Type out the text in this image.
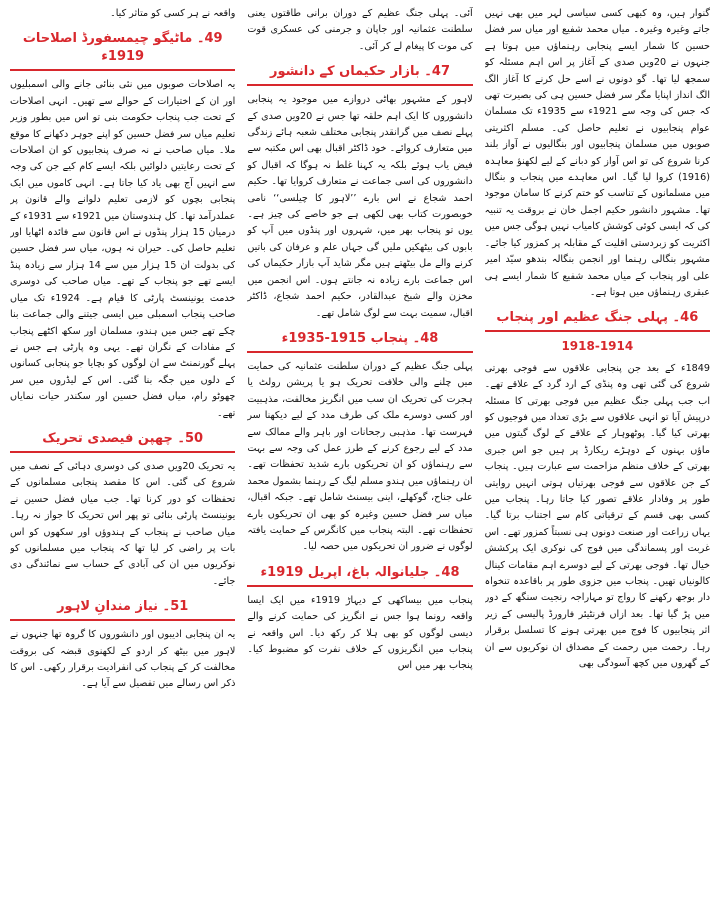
گنوار ہیں، وہ کبھی کسی سیاسی لہر میں بھی نہیں جاتے وغیرہ وغیرہ۔ میاں محمد شفیع اور میاں سر فضل حسین کا شمار ایسے پنجابی رہنماؤں میں ہوتا ہے جنہوں نے 20ویں صدی کے آغاز پر اس اہم مسئلہ کو سمجھ لیا تھا۔ گو دونوں نے اسے حل کرنے کا آغاز الگ الگ انداز اپنایا مگر سر فضل حسین ہی کی بصیرت تھی کہ جس کی وجہ سے 1921ء سے 1935ء تک مسلمان عوام پنجابیوں نے تعلیم حاصل کی۔ مسلم اکثریتی صوبوں میں مسلمان پنجابیوں اور بنگالیوں نے آواز بلند کرنا شروع کی تو اس آواز کو دبانے کے لیے لکھنؤ معاہدہ (1916) کروا لیا گیا۔ اس معاہدے میں پنجاب و بنگال میں مسلمانوں کے تناسب کو ختم کرنے کا سامان موجود تھا۔ مشہور دانشور حکیم اجمل خان نے بروقت یہ تنبیہ کی کہ ایسی کوئی کوشش کامیاب نہیں ہوگی جس میں اکثریت کو زبردستی اقلیت کے مقابلہ پر کمزور کیا جائے۔ مشہور بنگالی رہنما اور انجمن بنگالہ بندھو سیّد امیر علی اور پنجاب کے میاں محمد شفیع کا شمار ایسے ہی عبقری رہنماؤں میں ہوتا ہے۔

46۔ پہلی جنگ عظیم اور پنجاب
1918-1914

1849ء کے بعد جن پنجابی علاقوں سے فوجی بھرتی شروع کی گئی تھی وہ پنڈی کے ارد گرد کے علاقے تھے۔ اب جب پہلی جنگ عظیم میں فوجی بھرتی کا مسئلہ درپیش آیا تو انہی علاقوں سے بڑی تعداد میں فوجیوں کو بھرتی کیا گیا۔ پوٹھوہار کے علاقے کے لوگ گیتوں میں ماؤں بہنوں کے دوہڑے ریکارڈ پر ہیں جو اس جبری بھرتی کے خلاف منظم مزاحمت سے عبارت ہیں۔ پنجاب کے جن علاقوں سے فوجی بھرتیاں ہوتی انہیں روایتی طور پر وفادار علاقے تصور کیا جاتا رہا۔ پنجاب میں کسی بھی قسم کے ترقیاتی کام سے اجتناب برتا گیا۔ یہاں زراعت اور صنعت دونوں ہی نسبتاً کمزور تھے۔ اس غربت اور پسماندگی میں فوج کی نوکری ایک پرکشش خیال تھا۔ فوجی بھرتی کے لیے دوسرے اہم مقامات کینال کالونیاں تھیں۔ پنجاب میں جزوی طور پر باقاعدہ تنخواہ دار بوجھ رکھنے کا رواج تو مہاراجہ رنجیت سنگھ کے دور میں پڑ گیا تھا۔ بعد ازاں فرنٹیئر فارورڈ پالیسی کے زیر اثر پنجابیوں کا فوج میں بھرتی ہونے کا تسلسل برقرار رہا۔ رحمت میں رحمت کے مصداق ان نوکریوں سے ان کے گھروں میں کچھ آسودگی بھی

آئی۔ پہلی جنگ عظیم کے دوران برانی طاقتوں یعنی سلطنت عثمانیہ اور جاپان و جرمنی کی عسکری قوت کی موت کا پیغام لے کر آئی۔

47۔ بازار حکیماں کے دانشور

لاہور کے مشہور بھاٹی دروازے میں موجود یہ پنجابی دانشوروں کا ایک اہم حلقہ تھا جس نے 20ویں صدی کے پہلے نصف میں گرانقدر پنجابی مختلف شعبہ ہائے زندگی میں متعارف کروائے۔ خود ڈاکٹر اقبال بھی اس مکتبہ سے فیض یاب ہوئے بلکہ یہ کہنا غلط نہ ہوگا کہ اقبال کو دانشوروں کی اسی جماعت نے متعارف کروایا تھا۔ حکیم احمد شجاع نے اس بارے ’’لاہور کا چیلسی‘‘ نامی خوبصورت کتاب بھی لکھی ہے جو خاصے کی چیز ہے۔ یوں تو پنجاب بھر میں، شہروں اور پنڈوں میں آپ کو بابوں کی بیٹھکیں ملیں گی جہاں علم و عرفان کی باتیں کرنے والے مل بیٹھتے ہیں مگر شاید آپ بازار حکیماں کی اس جماعت بارے زیادہ نہ جانتے ہوں۔ اس انجمن میں مخزن والے شیخ عبدالقادر، حکیم احمد شجاع، ڈاکٹر اقبال، سمیت بہت سے لوگ شامل تھے۔

48۔ پنجاب 1915-1935ء

پہلی جنگ عظیم کے دوران سلطنت عثمانیہ کی حمایت میں چلنے والی خلافت تحریک ہو یا پریشن رولٹ یا ہجرت کی تحریک ان سب میں انگریز مخالفت، مذہبیت اور کسی دوسرے ملک کی طرف مدد کے لیے دیکھنا سر فہرست تھا۔ مذہبی رجحانات اور باہر والے ممالک سے مدد کے لیے رجوع کرنے کے طرز عمل کی وجہ سے بہت سے رہنماؤں کو ان تحریکوں بارے شدید تحفظات تھے۔ ان رہنماؤں میں ہندو مسلم لیگ کے رہنما بشمول محمد علی جناح، گوکھلے، اینی بیسنٹ شامل تھے۔ جبکہ اقبال، میاں سر فضل حسین وغیرہ کو بھی ان تحریکوں بارے تحفظات تھے۔ البتہ پنجاب میں کانگرس کے حمایت یافتہ لوگوں نے ضرور ان تحریکوں میں حصہ لیا۔

48۔ جلیانوالہ باغ، اپریل 1919ء

پنجاب میں بیساکھی کے دیہاڑ 1919ء میں ایک ایسا واقعہ رونما ہوا جس نے انگریز کی حمایت کرنے والے دیسی لوگوں کو بھی ہلا کر رکھ دیا۔ اس واقعہ نے پنجاب میں انگریزوں کے خلاف نفرت کو مضبوط کیا۔ پنجاب بھر میں اس

واقعہ نے ہر کسی کو متاثر کیا۔

49۔ ماٹیگو چیمسفورڈ اصلاحات 1919ء

یہ اصلاحات صوبوں میں نئی بنائی جانے والی اسمبلیوں اور ان کے اختیارات کے حوالے سے تھیں۔ انہی اصلاحات کے تحت جب پنجاب حکومت بنی تو اس میں بطور وزیر تعلیم میاں سر فضل حسین کو اپنے جوہر دکھانے کا موقع ملا۔ میاں صاحب نے نہ صرف پنجابیوں کو ان اصلاحات کے تحت رعایتیں دلوائیں بلکہ ایسے کام کیے جن کی وجہ سے انہیں آج بھی یاد کیا جاتا ہے۔ انہی کاموں میں ایک پنجابی بچوں کو لازمی تعلیم دلوانے والے قانون پر عملدرآمد تھا۔ کل ہندوستان میں 1921ء سے 1931ء کے درمیان 15 ہزار پنڈوں نے اس قانون سے فائدہ اٹھایا اور تعلیم حاصل کی۔ حیران نہ ہوں، میاں سر فضل حسین کی بدولت ان 15 ہزار میں سے 14 ہزار سے زیادہ پنڈ ایسے تھے جو پنجاب کے تھے۔ میاں صاحب کی دوسری خدمت یونینسٹ پارٹی کا قیام ہے۔ 1924ء تک میاں صاحب پنجاب اسمبلی میں ایسی جیتنے والی جماعت بنا چکے تھے جس میں ہندو، مسلمان اور سکھ اکٹھے پنجاب کے مفادات کے نگران تھے۔ یہی وہ پارٹی ہے جس نے پہلے گورنمنٹ سے ان لوگوں کو بچایا جو پنجابی کسانوں کے دلوں میں جگہ بنا گئی۔ اس کے لیڈروں میں سر چھوٹو رام، میاں فضل حسین اور سکندر حیات نمایاں تھے۔

50۔ چھپن فیصدی تحریک

یہ تحریک 20ویں صدی کی دوسری دہائی کے نصف میں شروع کی گئی۔ اس کا مقصد پنجابی مسلمانوں کے تحفظات کو دور کرنا تھا۔ جب میاں فضل حسین نے یونینسٹ پارٹی بنائی تو پھر اس تحریک کا جواز نہ رہا۔ میاں صاحب نے پنجاب کے ہندوؤں اور سکھوں کو اس بات پر راضی کر لیا تھا کہ پنجاب میں مسلمانوں کو نوکریوں میں ان کی آبادی کے حساب سے نمائندگی دی جائے۔

51۔ نیاز مندانِ لاہور

یہ ان پنجابی ادیبوں اور دانشوروں کا گروہ تھا جنہوں نے لاہور میں بیٹھ کر اردو کے لکھنوی قبضہ کی بروقت مخالفت کر کے پنجاب کی انفرادیت برقرار رکھی۔ اس کا ذکر اس رسالے میں تفصیل سے آیا ہے۔
